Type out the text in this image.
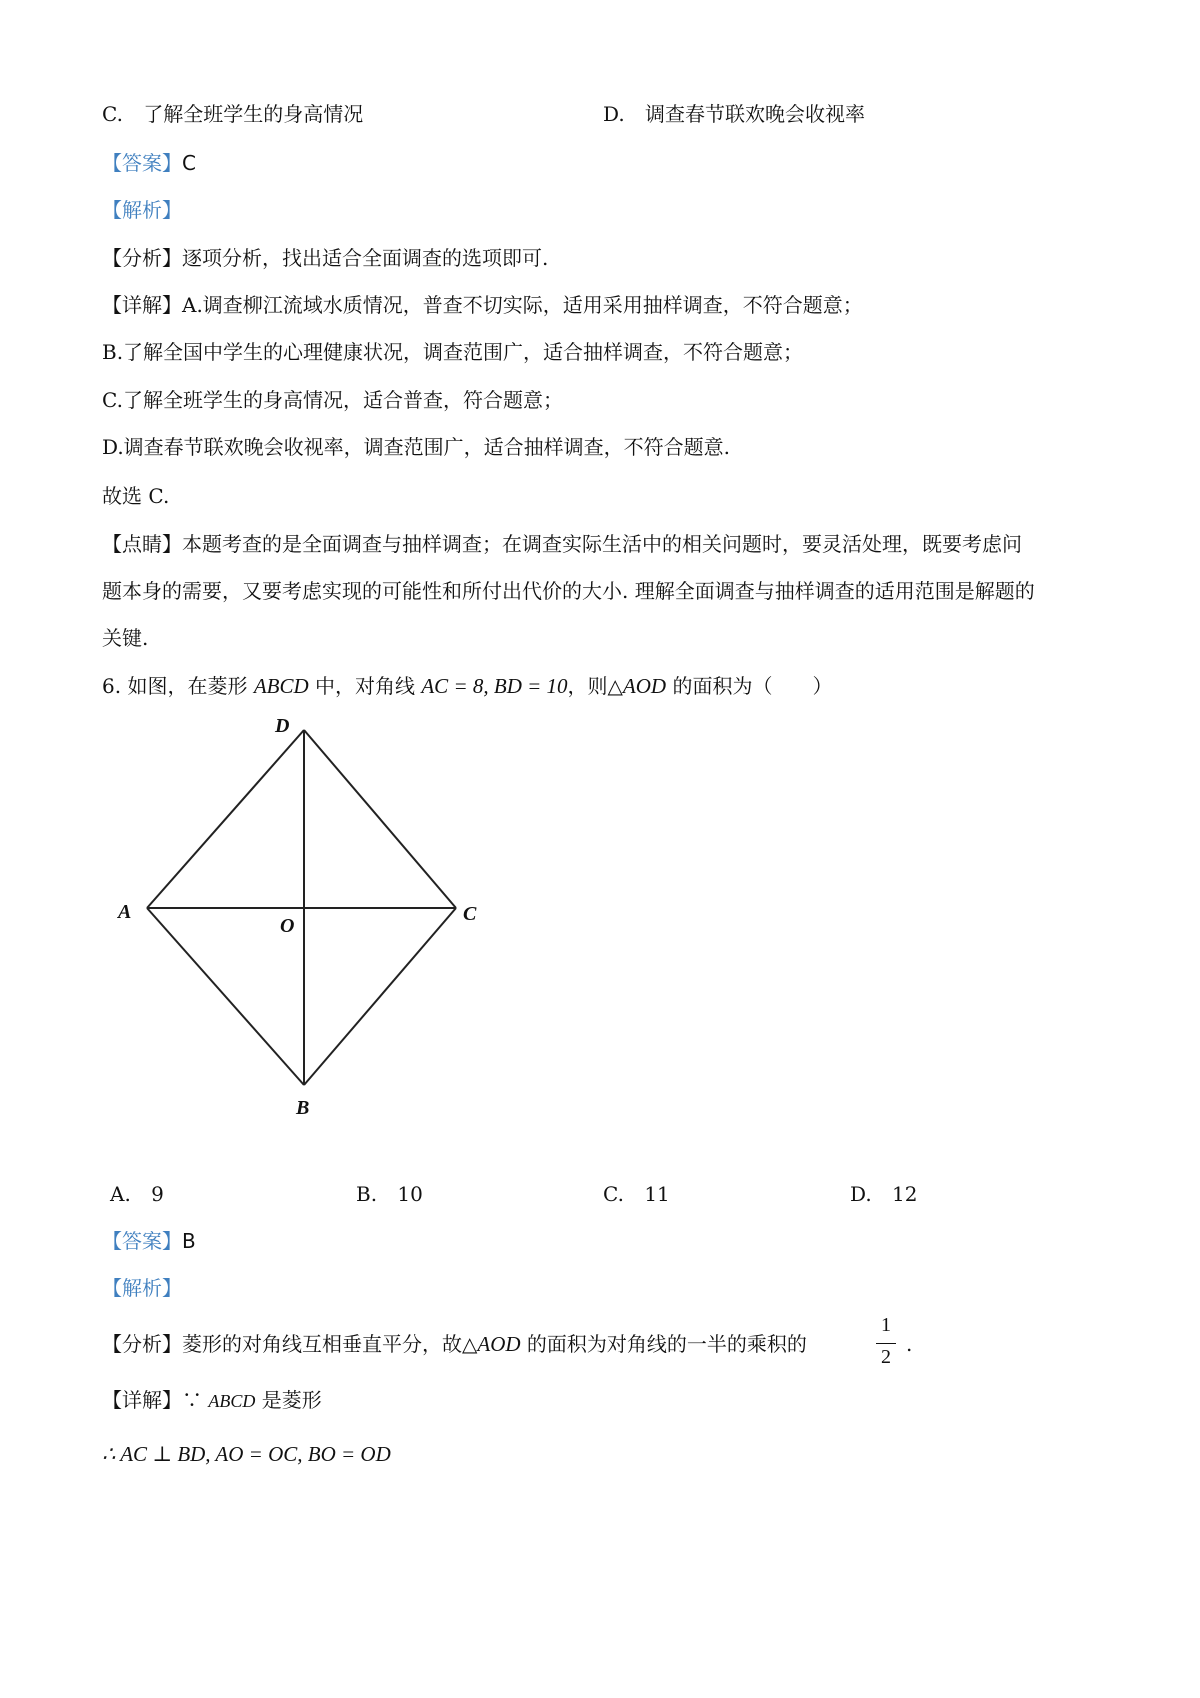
C. 了解全班学生的身高情况	D. 调查春节联欢晚会收视率
【答案】C
【解析】
【分析】逐项分析，找出适合全面调查的选项即可.
【详解】A.调查柳江流域水质情况，普查不切实际，适用采用抽样调查，不符合题意；
B.了解全国中学生的心理健康状况，调查范围广，适合抽样调查，不符合题意；
C.了解全班学生的身高情况，适合普查，符合题意；
D.调查春节联欢晚会收视率，调查范围广，适合抽样调查，不符合题意.
故选 C.
【点睛】本题考查的是全面调查与抽样调查；在调查实际生活中的相关问题时，要灵活处理，既要考虑问
题本身的需要，又要考虑实现的可能性和所付出代价的大小. 理解全面调查与抽样调查的适用范围是解题的
关键.
6. 如图，在菱形 ABCD 中，对角线 AC = 8, BD = 10，则△AOD 的面积为（　　）
D
A	C
O
B
A. 9	B. 10	C. 11	D. 12
【答案】B
【解析】
【分析】菱形的对角线互相垂直平分，故△AOD 的面积为对角线的一半的乘积的
1
2
.
【详解】∵ ABCD 是菱形
∴ AC ⊥ BD, AO = OC, BO = OD
